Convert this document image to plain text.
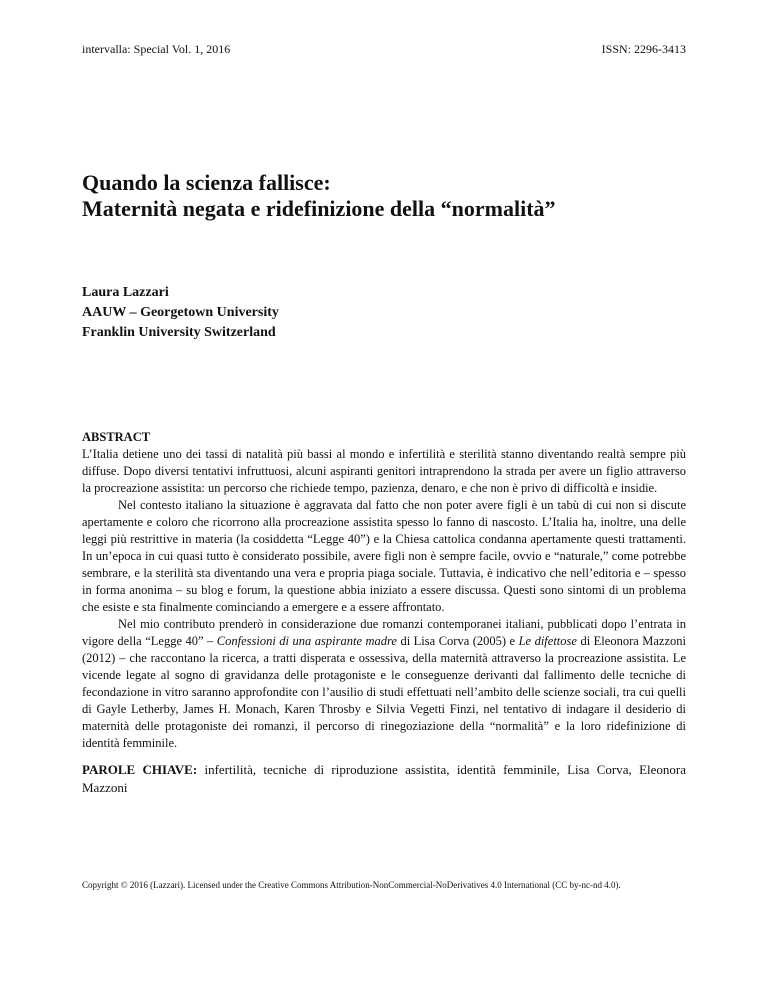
intervalla: Special Vol. 1, 2016	ISSN: 2296-3413
Quando la scienza fallisce:
Maternità negata e ridefinizione della “normalità”
Laura Lazzari
AAUW – Georgetown University
Franklin University Switzerland
ABSTRACT

L’Italia detiene uno dei tassi di natalità più bassi al mondo e infertilità e sterilità stanno diventando realtà sempre più diffuse. Dopo diversi tentativi infruttuosi, alcuni aspiranti genitori intraprendono la strada per avere un figlio attraverso la procreazione assistita: un percorso che richiede tempo, pazienza, denaro, e che non è privo di difficoltà e insidie.

Nel contesto italiano la situazione è aggravata dal fatto che non poter avere figli è un tabù di cui non si discute apertamente e coloro che ricorrono alla procreazione assistita spesso lo fanno di nascosto. L’Italia ha, inoltre, una delle leggi più restrittive in materia (la cosiddetta “Legge 40”) e la Chiesa cattolica condanna apertamente questi trattamenti. In un’epoca in cui quasi tutto è considerato possibile, avere figli non è sempre facile, ovvio e “naturale,” come potrebbe sembrare, e la sterilità sta diventando una vera e propria piaga sociale. Tuttavia, è indicativo che nell’editoria e – spesso in forma anonima – su blog e forum, la questione abbia iniziato a essere discussa. Questi sono sintomi di un problema che esiste e sta finalmente cominciando a emergere e a essere affrontato.

Nel mio contributo prenderò in considerazione due romanzi contemporanei italiani, pubblicati dopo l’entrata in vigore della “Legge 40” – Confessioni di una aspirante madre di Lisa Corva (2005) e Le difettose di Eleonora Mazzoni (2012) – che raccontano la ricerca, a tratti disperata e ossessiva, della maternità attraverso la procreazione assistita. Le vicende legate al sogno di gravidanza delle protagoniste e le conseguenze derivanti dal fallimento delle tecniche di fecondazione in vitro saranno approfondite con l’ausilio di studi effettuati nell’ambito delle scienze sociali, tra cui quelli di Gayle Letherby, James H. Monach, Karen Throsby e Silvia Vegetti Finzi, nel tentativo di indagare il desiderio di maternità delle protagoniste dei romanzi, il percorso di rinegoziazione della “normalità” e la loro ridefinizione di identità femminile.

PAROLE CHIAVE: infertilità, tecniche di riproduzione assistita, identità femminile, Lisa Corva, Eleonora Mazzoni

Copyright © 2016 (Lazzari). Licensed under the Creative Commons Attribution-NonCommercial-NoDerivatives 4.0 International (CC by-nc-nd 4.0).
